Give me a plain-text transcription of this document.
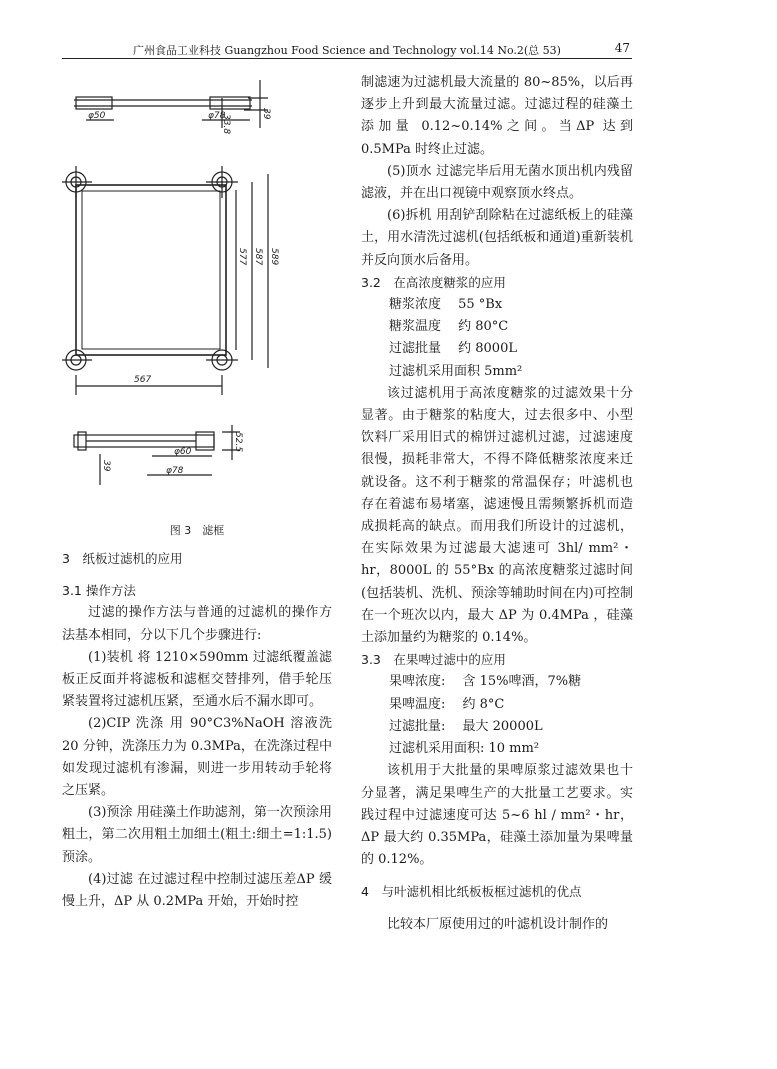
广州食品工业科技 Guangzhou Food Science and Technology vol.14 No.2(总 53)	47
39
φ50	φ78
33.8
577 587 589
567
52.5
φ60
φ78
39
图 3　滤框

3　纸板过滤机的应用

3.1 操作方法

过滤的操作方法与普通的过滤机的操作方法基本相同，分以下几个步骤进行:

(1)装机 将 1210×590mm 过滤纸覆盖滤板正反面并将滤板和滤框交替排列，借手轮压紧装置将过滤机压紧，至通水后不漏水即可。

(2)CIP 洗涤 用 90°C3%NaOH 溶液洗 20 分钟，洗涤压力为 0.3MPa，在洗涤过程中如发现过滤机有渗漏，则进一步用转动手轮将之压紧。

(3)预涂 用硅藻土作助滤剂，第一次预涂用粗土，第二次用粗土加细土(粗土:细土=1:1.5)预涂。

(4)过滤 在过滤过程中控制过滤压差ΔP 缓慢上升，ΔP 从 0.2MPa 开始，开始时控

制滤速为过滤机最大流量的 80~85%，以后再逐步上升到最大流量过滤。过滤过程的硅藻土添加量 0.12~0.14%之间。当ΔP 达到 0.5MPa 时终止过滤。

(5)顶水 过滤完毕后用无菌水顶出机内残留滤液，并在出口视镜中观察顶水终点。

(6)拆机 用刮铲刮除粘在过滤纸板上的硅藻土，用水清洗过滤机(包括纸板和通道)重新装机并反向顶水后备用。

3.2　在高浓度糖浆的应用

糖浆浓度　 55 °Bx

糖浆温度　 约 80°C

过滤批量　 约 8000L

过滤机采用面积 5mm²

该过滤机用于高浓度糖浆的过滤效果十分显著。由于糖浆的粘度大，过去很多中、小型饮料厂采用旧式的棉饼过滤机过滤，过滤速度很慢，损耗非常大，不得不降低糖浆浓度来迁就设备。这不利于糖浆的常温保存；叶滤机也存在着滤布易堵塞，滤速慢且需频繁拆机而造成损耗高的缺点。而用我们所设计的过滤机，在实际效果为过滤最大滤速可 3hl/ mm²・hr，8000L 的 55°Bx 的高浓度糖浆过滤时间(包括装机、洗机、预涂等辅助时间在内)可控制在一个班次以内，最大 ΔP 为 0.4MPa ，硅藻土添加量约为糖浆的 0.14%。

3.3　在果啤过滤中的应用

果啤浓度:　 含 15%啤酒，7%糖

果啤温度:　 约 8°C

过滤批量:　 最大 20000L

过滤机采用面积: 10 mm²

该机用于大批量的果啤原浆过滤效果也十分显著，满足果啤生产的大批量工艺要求。实践过程中过滤速度可达 5~6 hl / mm²・hr，ΔP 最大约 0.35MPa，硅藻土添加量为果啤量的 0.12%。

4　与叶滤机相比纸板板框过滤机的优点

比较本厂原使用过的叶滤机设计制作的
